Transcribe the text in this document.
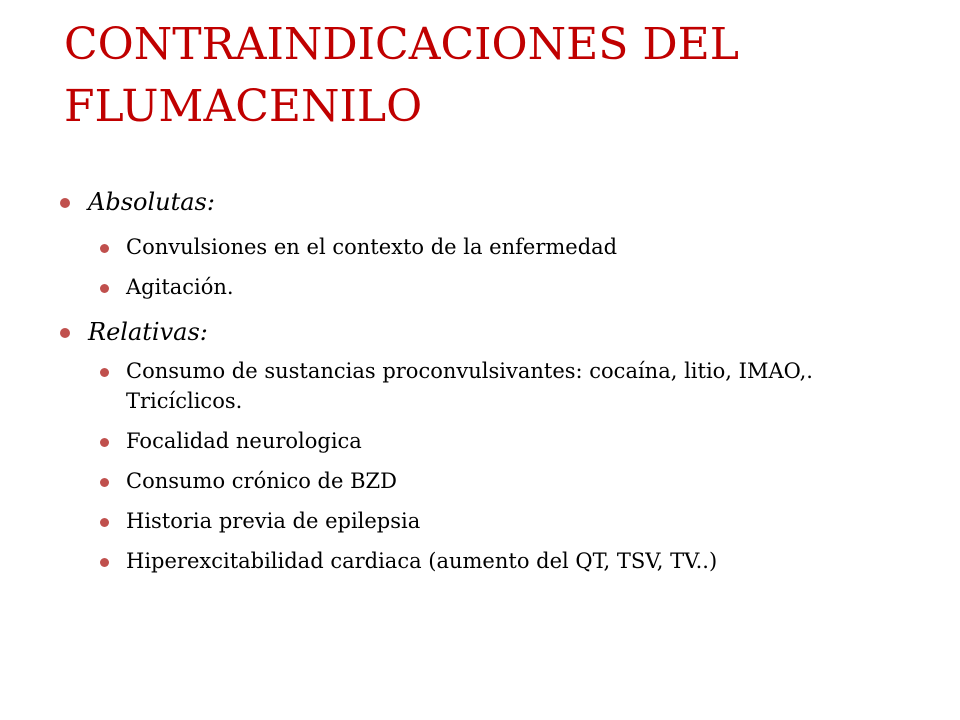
CONTRAINDICACIONES DEL
FLUMACENILO
Absolutas:
Convulsiones en el contexto de la enfermedad
Agitación.
Relativas:
Consumo de sustancias proconvulsivantes: cocaína, litio, IMAO,. Tricíclicos.
Focalidad neurologica
Consumo crónico de BZD
Historia previa de epilepsia
Hiperexcitabilidad cardiaca (aumento del QT, TSV, TV..)
